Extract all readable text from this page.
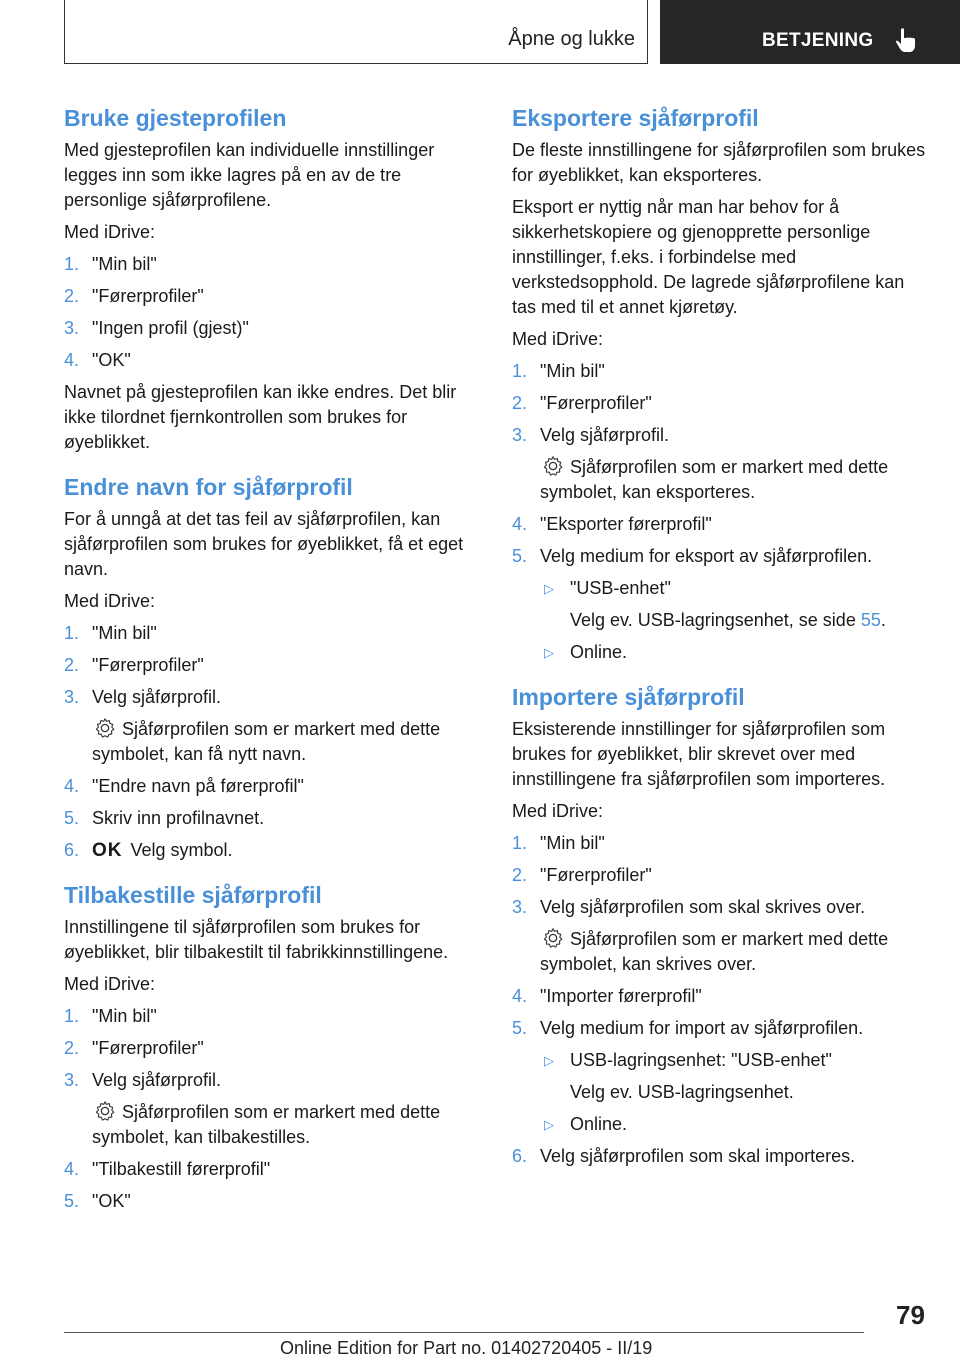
Åpne og lukke	BETJENING
Bruke gjesteprofilen

Med gjesteprofilen kan individuelle innstillinger legges inn som ikke lagres på en av de tre personlige sjåførprofilene.

Med iDrive:

1. "Min bil"
2. "Førerprofiler"
3. "Ingen profil (gjest)"
4. "OK"

Navnet på gjesteprofilen kan ikke endres. Det blir ikke tilordnet fjernkontrollen som brukes for øyeblikket.

Endre navn for sjåførprofil

For å unngå at det tas feil av sjåførprofilen, kan sjåførprofilen som brukes for øyeblikket, få et eget navn.

Med iDrive:

1. "Min bil"
2. "Førerprofiler"
3. Velg sjåførprofil.
Sjåførprofilen som er markert med dette symbolet, kan få nytt navn.
4. "Endre navn på førerprofil"
5. Skriv inn profilnavnet.
6. OK Velg symbol.
Tilbakestille sjåførprofil

Innstillingene til sjåførprofilen som brukes for øyeblikket, blir tilbakestilt til fabrikkinnstillingene.

Med iDrive:

1. "Min bil"
2. "Førerprofiler"
3. Velg sjåførprofil.
Sjåførprofilen som er markert med dette symbolet, kan tilbakestilles.
4. "Tilbakestill førerprofil"
5. "OK"
Eksportere sjåførprofil

De fleste innstillingene for sjåførprofilen som brukes for øyeblikket, kan eksporteres.

Eksport er nyttig når man har behov for å sikkerhetskopiere og gjenopprette personlige innstillinger, f.eks. i forbindelse med verkstedsopphold. De lagrede sjåførprofilene kan tas med til et annet kjøretøy.

Med iDrive:

1. "Min bil"
2. "Førerprofiler"
3. Velg sjåførprofil.
Sjåførprofilen som er markert med dette symbolet, kan eksporteres.
4. "Eksporter førerprofil"
5. Velg medium for eksport av sjåførprofilen.
▷ "USB-enhet"
Velg ev. USB-lagringsenhet, se side 55.
▷ Online.
Importere sjåførprofil

Eksisterende innstillinger for sjåførprofilen som brukes for øyeblikket, blir skrevet over med innstillingene fra sjåførprofilen som importeres.

Med iDrive:

1. "Min bil"
2. "Førerprofiler"
3. Velg sjåførprofilen som skal skrives over.
Sjåførprofilen som er markert med dette symbolet, kan skrives over.
4. "Importer førerprofil"
5. Velg medium for import av sjåførprofilen.
▷ USB-lagringsenhet: "USB-enhet"
Velg ev. USB-lagringsenhet.
▷ Online.
6. Velg sjåførprofilen som skal importeres.
79
Online Edition for Part no. 01402720405 - II/19
